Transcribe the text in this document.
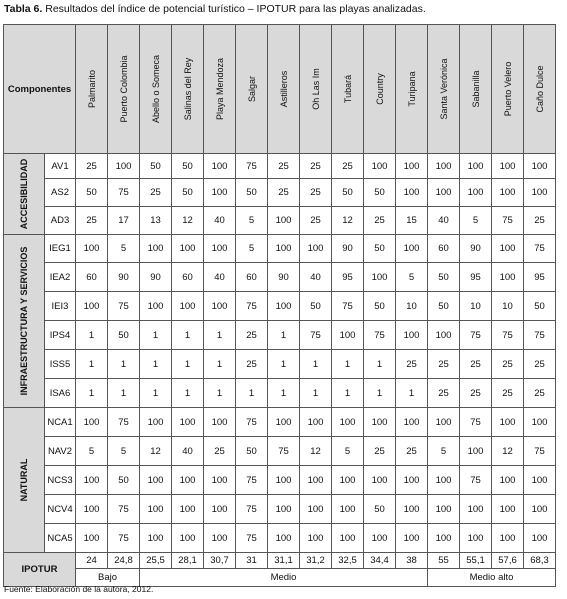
Tabla 6. Resultados del índice de potencial turístico – IPOTUR para las playas analizadas.
Componentes		Palmarito	Puerto Colombia	Abello o Someca	Salinas del Rey	Playa Mendoza	Salgar	Astilleros	Oh Las Im	Tubará	Country	Turipana	Santa Verónica	Sabanilla	Puerto Velero	Caño Dulce

ACCESIBILIDAD	AV1	25	100	50	50	100	75	25	25	25	100	100	100	100	100	100
	AS2	50	75	25	50	100	50	25	25	50	50	100	100	100	100	100
	AD3	25	17	13	12	40	5	100	25	12	25	15	40	5	75	25

INFRAESTRUCTURA Y SERVICIOS	IEG1	100	5	100	100	100	5	100	100	90	50	100	60	90	100	75
	IEA2	60	90	90	60	40	60	90	40	95	100	5	50	95	100	95
	IEI3	100	75	100	100	100	75	100	50	75	50	10	50	10	10	50
	IPS4	1	50	1	1	1	25	1	75	100	75	100	100	75	75	75
	ISS5	1	1	1	1	1	25	1	1	1	1	25	25	25	25	25
	ISA6	1	1	1	1	1	1	1	1	1	1	1	25	25	25	25

NATURAL	NCA1	100	75	100	100	100	75	100	100	100	100	100	100	75	100	100
	NAV2	5	5	12	40	25	50	75	12	5	25	25	5	100	12	75
	NCS3	100	50	100	100	100	75	100	100	100	100	100	100	75	100	100
	NCV4	100	75	100	100	100	75	100	100	100	50	100	100	100	100	100
	NCA5	100	75	100	100	100	75	100	100	100	100	100	100	100	100	100
IPOTUR		24	24,8	25,5	28,1	30,7	31	31,1	31,2	32,5	34,4	38	55	55,1	57,6	68,3
		Bajo		Medio									Medio alto			
Fuente: Elaboración de la autora, 2012.
